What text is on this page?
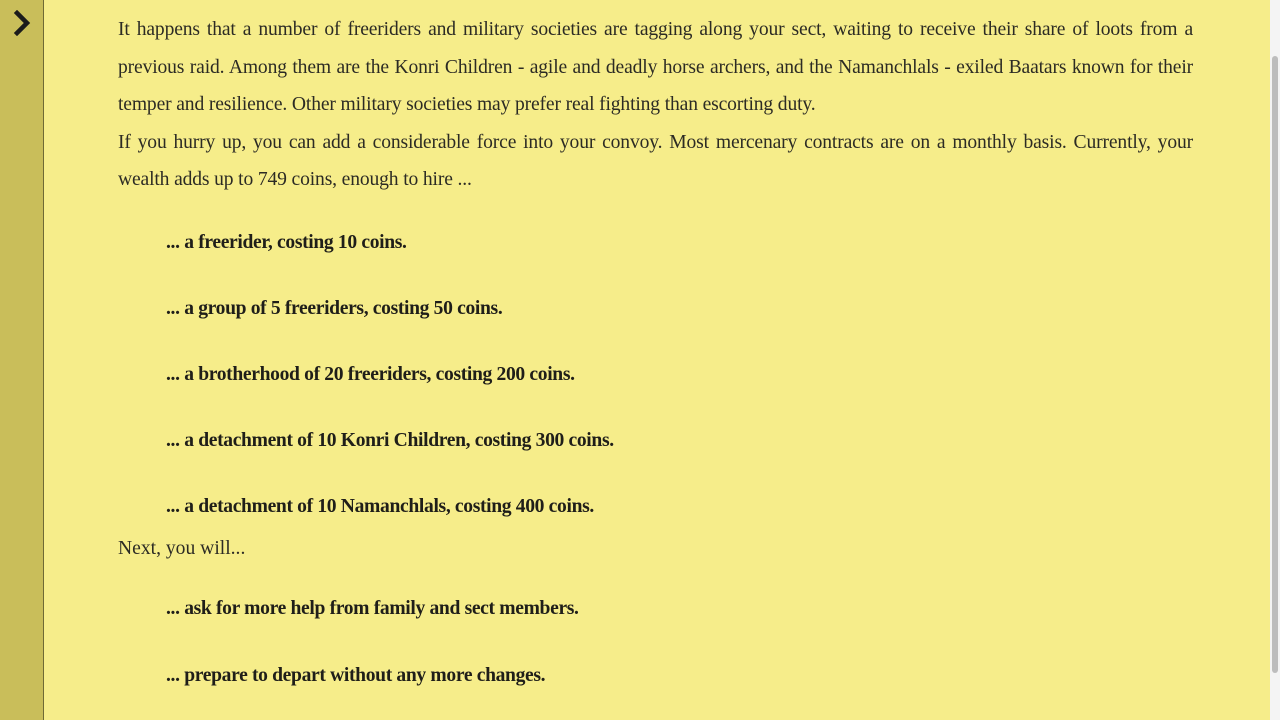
It happens that a number of freeriders and military societies are tagging along your sect, waiting to receive their share of loots from a previous raid. Among them are the Konri Children - agile and deadly horse archers, and the Namanchlals - exiled Baatars known for their temper and resilience. Other military societies may prefer real fighting than escorting duty.

If you hurry up, you can add a considerable force into your convoy. Most mercenary contracts are on a monthly basis. Currently, your wealth adds up to 749 coins, enough to hire ...

... a freerider, costing 10 coins.
... a group of 5 freeriders, costing 50 coins.
... a brotherhood of 20 freeriders, costing 200 coins.
... a detachment of 10 Konri Children, costing 300 coins.
... a detachment of 10 Namanchlals, costing 400 coins.
Next, you will...
... ask for more help from family and sect members.
... prepare to depart without any more changes.
